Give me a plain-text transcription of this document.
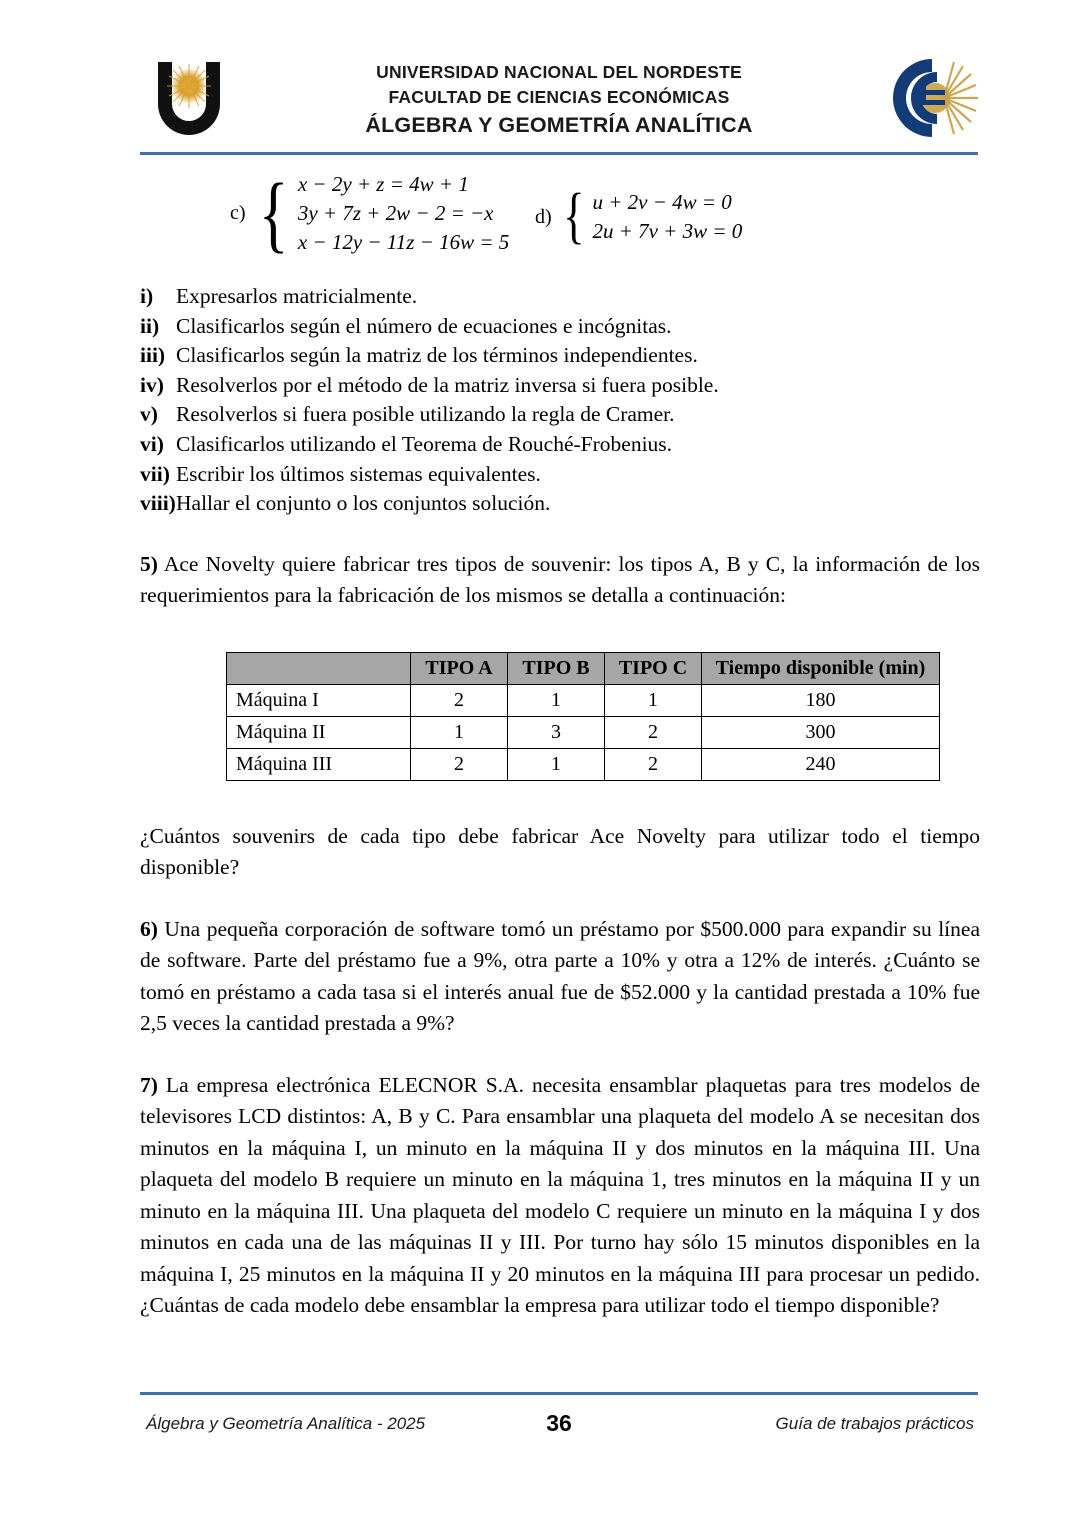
UNIVERSIDAD NACIONAL DEL NORDESTE
FACULTAD DE CIENCIAS ECONÓMICAS
ÁLGEBRA Y GEOMETRÍA ANALÍTICA
c) { x − 2y + z = 4w + 1
3y + 7z + 2w − 2 = −x
x − 12y − 11z − 16w = 5
d) { u + 2v − 4w = 0
2u + 7v + 3w = 0
i)	Expresarlos matricialmente.
ii) Clasificarlos según el número de ecuaciones e incógnitas.
iii) Clasificarlos según la matriz de los términos independientes.
iv) Resolverlos por el método de la matriz inversa si fuera posible.
v) Resolverlos si fuera posible utilizando la regla de Cramer.
vi) Clasificarlos utilizando el Teorema de Rouché-Frobenius.
vii) Escribir los últimos sistemas equivalentes.
viii) Hallar el conjunto o los conjuntos solución.

5) Ace Novelty quiere fabricar tres tipos de souvenir: los tipos A, B y C, la información de los requerimientos para la fabricación de los mismos se detalla a continuación:

	TIPO A	TIPO B	TIPO C	Tiempo disponible (min)
Máquina I	2	1	1	180
Máquina II	1	3	2	300
Máquina III	2	1	2	240

¿Cuántos souvenirs de cada tipo debe fabricar Ace Novelty para utilizar todo el tiempo disponible?

6) Una pequeña corporación de software tomó un préstamo por $500.000 para expandir su línea de software. Parte del préstamo fue a 9%, otra parte a 10% y otra a 12% de interés. ¿Cuánto se tomó en préstamo a cada tasa si el interés anual fue de $52.000 y la cantidad prestada a 10% fue 2,5 veces la cantidad prestada a 9%?

7) La empresa electrónica ELECNOR S.A. necesita ensamblar plaquetas para tres modelos de televisores LCD distintos: A, B y C. Para ensamblar una plaqueta del modelo A se necesitan dos minutos en la máquina I, un minuto en la máquina II y dos minutos en la máquina III. Una plaqueta del modelo B requiere un minuto en la máquina 1, tres minutos en la máquina II y un minuto en la máquina III. Una plaqueta del modelo C requiere un minuto en la máquina I y dos minutos en cada una de las máquinas II y III. Por turno hay sólo 15 minutos disponibles en la máquina I, 25 minutos en la máquina II y 20 minutos en la máquina III para procesar un pedido. ¿Cuántas de cada modelo debe ensamblar la empresa para utilizar todo el tiempo disponible?

Álgebra y Geometría Analítica - 2025	36	Guía de trabajos prácticos
